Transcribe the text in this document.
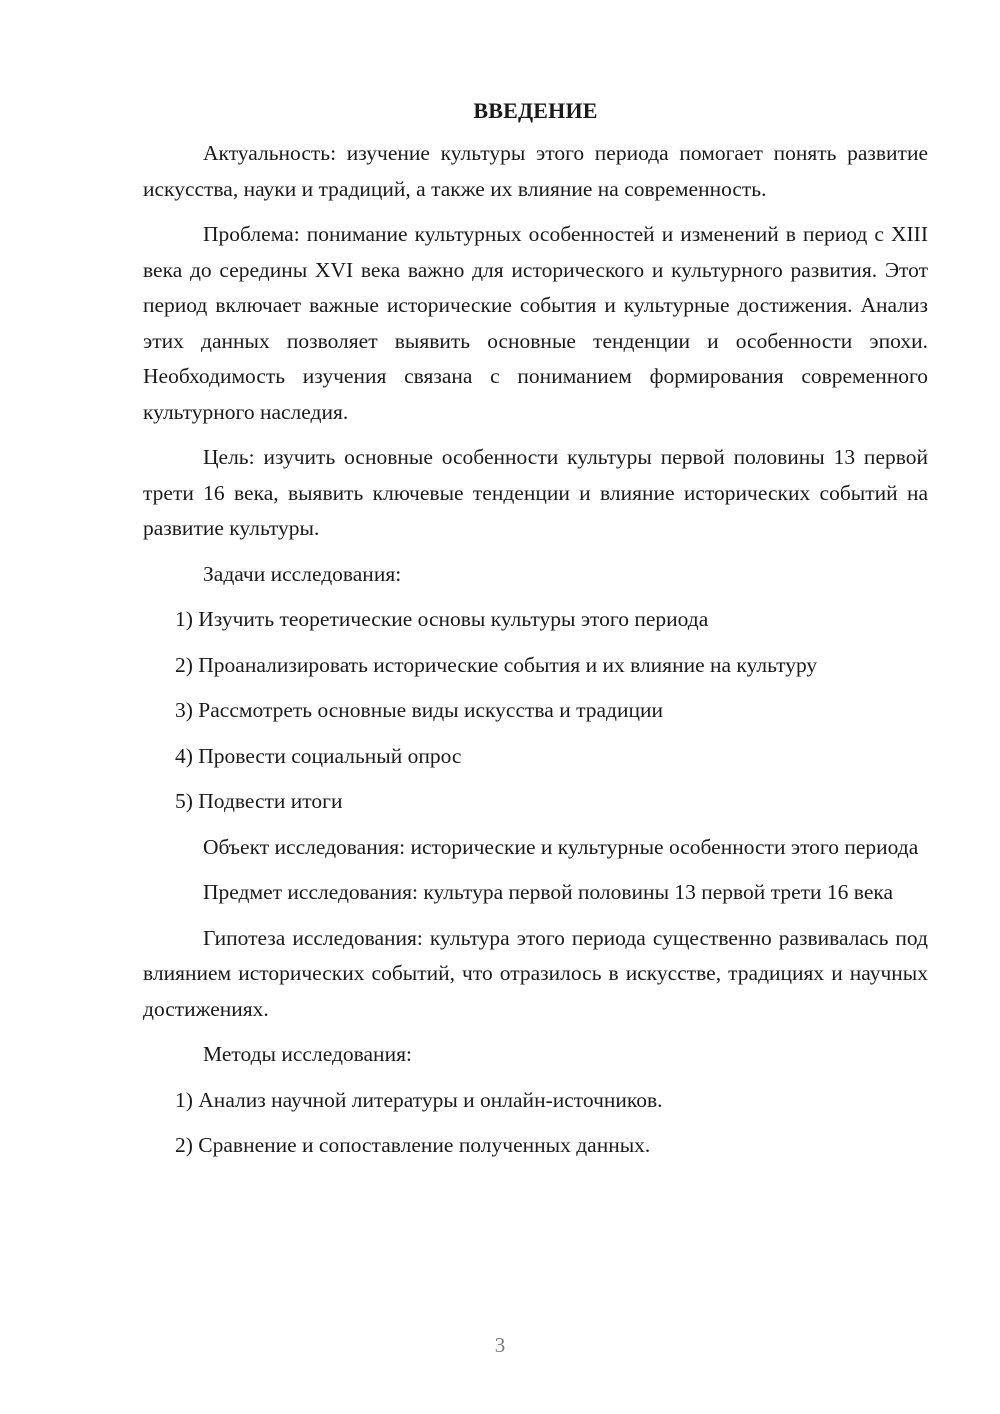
ВВЕДЕНИЕ

Актуальность: изучение культуры этого периода помогает понять развитие искусства, науки и традиций, а также их влияние на современность.

Проблема: понимание культурных особенностей и изменений в период с XIII века до середины XVI века важно для исторического и культурного развития. Этот период включает важные исторические события и культурные достижения. Анализ этих данных позволяет выявить основные тенденции и особенности эпохи. Необходимость изучения связана с пониманием формирования современного культурного наследия.

Цель: изучить основные особенности культуры первой половины 13 первой трети 16 века, выявить ключевые тенденции и влияние исторических событий на развитие культуры.

Задачи исследования:

1) Изучить теоретические основы культуры этого периода
2) Проанализировать исторические события и их влияние на культуру
3) Рассмотреть основные виды искусства и традиции
4) Провести социальный опрос
5) Подвести итоги

Объект исследования: исторические и культурные особенности этого периода

Предмет исследования: культура первой половины 13 первой трети 16 века

Гипотеза исследования: культура этого периода существенно развивалась под влиянием исторических событий, что отразилось в искусстве, традициях и научных достижениях.

Методы исследования:

1) Анализ научной литературы и онлайн-источников.
2) Сравнение и сопоставление полученных данных.
3
